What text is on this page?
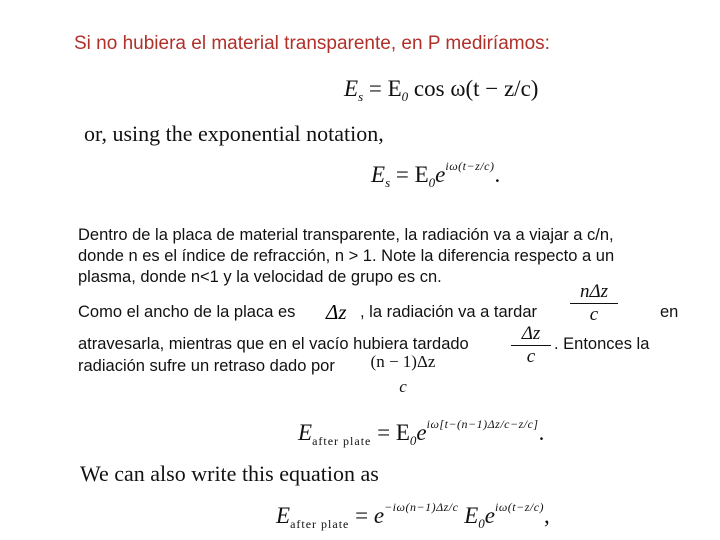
Si no hubiera el material transparente, en P mediríamos:
$E_s = E_0$ cos ω(t − z/c)
or, using the exponential notation,
$E_s = E_0e^{i\omega(t-z/c)}$.
Dentro de la placa de material transparente, la radiación va a viajar a c/n,
donde n es el índice de refracción, n > 1. Note la diferencia respecto a un
plasma, donde n<1 y la velocidad de grupo es cn.
Como el ancho de la placa es Δz , la radiación va a tardar
nΔz
c	en
atravesarla, mientras que en el vacío hubiera tardado $\frac{\Delta z}{c}$ . Entonces la
radiación sufre un retraso dado por (n − 1)Δz
c
$E_{after plate} = E_0e^{i\omega[t-(n-1)\Delta z/c-z/c]}$.
We can also write this equation as
$E_{after plate} = e^{-i\omega(n-1)\Delta z/c}$ $E_0e^{i\omega(t-z/c)}$,
